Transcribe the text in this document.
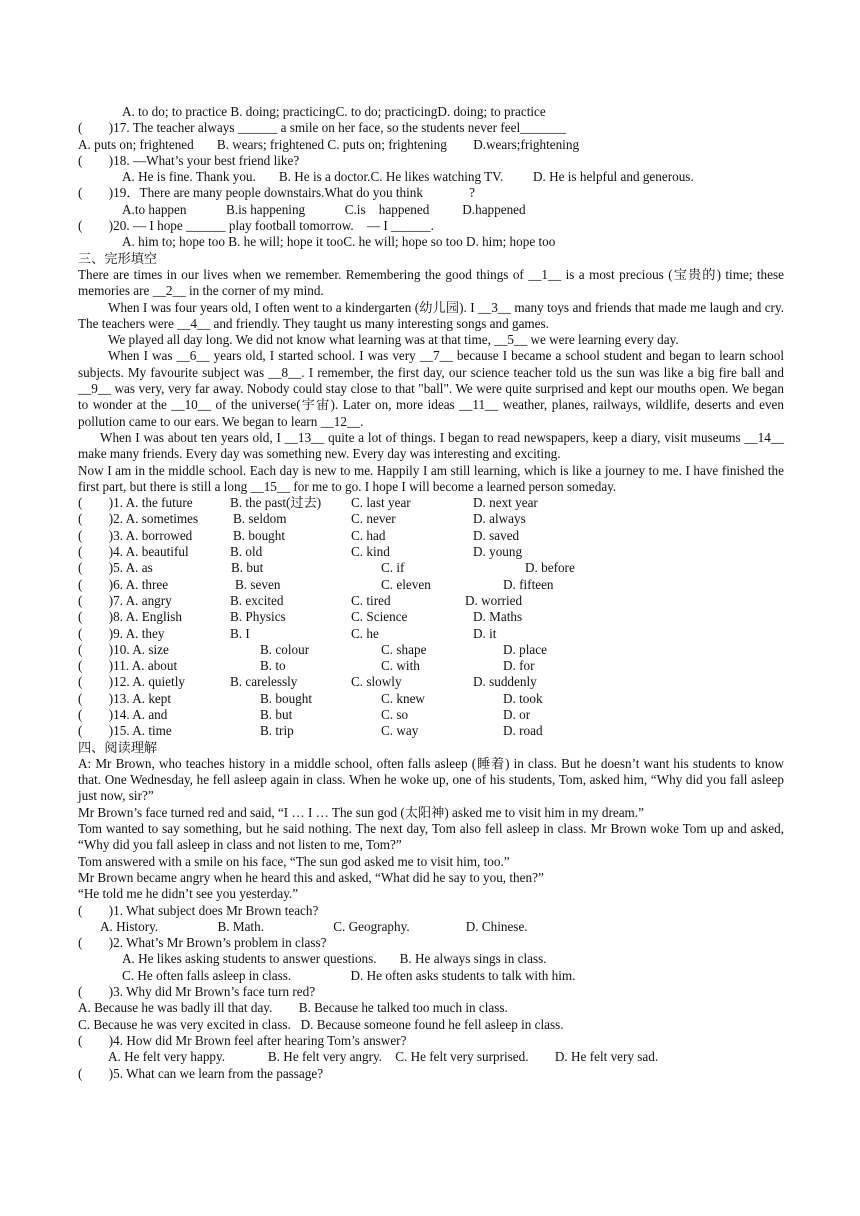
A. to do; to practice B. doing; practicingC. to do; practicingD. doing; to practice
(        )17. The teacher always ______ a smile on her face, so the students never feel_______
A. puts on; frightened       B. wears; frightened C. puts on; frightening        D.wears;frightening
(        )18. —What’s your best friend like?
A. He is fine. Thank you.       B. He is a doctor.C. He likes watching TV.         D. He is helpful and generous.
(        )19．There are many people downstairs.What do you think              ?
A.to happen            B.is happening            C.is    happened          D.happened
(        )20. — I hope ______ play football tomorrow.    — I ______.
A. him to; hope too B. he will; hope it tooC. he will; hope so too D. him; hope too
三、完形填空
There are times in our lives when we remember. Remembering the good things of __1__ is a most precious (宝贵的) time; these memories are __2__ in the corner of my mind.
When I was four years old, I often went to a kindergarten (幼儿园). I __3__ many toys and friends that made me laugh and cry. The teachers were __4__ and friendly. They taught us many interesting songs and games.
We played all day long. We did not know what learning was at that time, __5__ we were learning every day.
When I was __6__ years old, I started school. I was very __7__ because I became a school student and began to learn school subjects. My favourite subject was __8__. I remember, the first day, our science teacher told us the sun was like a big fire ball and __9__ was very, very far away. Nobody could stay close to that "ball". We were quite surprised and kept our mouths open. We began to wonder at the __10__ of the universe(宇宙). Later on, more ideas __11__ weather, planes, railways, wildlife, deserts and even pollution came to our ears. We began to learn __12__.
When I was about ten years old, I __13__ quite a lot of things. I began to read newspapers, keep a diary, visit museums __14__ make many friends. Every day was something new. Every day was interesting and exciting.
Now I am in the middle school. Each day is new to me. Happily I am still learning, which is like a journey to me. I have finished the first part, but there is still a long __15__ for me to go. I hope I will become a learned person someday.
(        )1. A. the future	B. the past(过去) C. last year	D. next year
(        )2. A. sometimes	B. seldom	C. never	D. always
(        )3. A. borrowed	B. bought	C. had	D. saved
(        )4. A. beautiful	B. old	C. kind	D. young
(        )5. A. as	B. but	C. if	D. before
(        )6. A. three	B. seven	C. eleven	D. fifteen
(        )7. A. angry	B. excited	C. tired	D. worried
(        )8. A. English	B. Physics	C. Science	D. Maths
(        )9. A. they	B. I	C. he	D. it
(        )10. A. size	B. colour	C. shape	D. place
(        )11. A. about	B. to	C. with	D. for
(        )12. A. quietly	B. carelessly	C. slowly	D. suddenly
(        )13. A. kept	B. bought	C. knew	D. took
(        )14. A. and	B. but	C. so	D. or
(        )15. A. time	B. trip	C. way	D. road
四、阅读理解
A: Mr Brown, who teaches history in a middle school, often falls asleep (睡着) in class. But he doesn’t want his students to know that. One Wednesday, he fell asleep again in class. When he woke up, one of his students, Tom, asked him, “Why did you fall asleep just now, sir?”
Mr Brown’s face turned red and said, “I … I … The sun god (太阳神) asked me to visit him in my dream.”
Tom wanted to say something, but he said nothing. The next day, Tom also fell asleep in class. Mr Brown woke Tom up and asked, “Why did you fall asleep in class and not listen to me, Tom?”
Tom answered with a smile on his face, “The sun god asked me to visit him, too.”
Mr Brown became angry when he heard this and asked, “What did he say to you, then?”
“He told me he didn’t see you yesterday.”
(        )1. What subject does Mr Brown teach?
A. History.                  B. Math.                     C. Geography.                 D. Chinese.
(        )2. What’s Mr Brown’s problem in class?
A. He likes asking students to answer questions.       B. He always sings in class.
C. He often falls asleep in class.                  D. He often asks students to talk with him.
(        )3. Why did Mr Brown’s face turn red?
A. Because he was badly ill that day.        B. Because he talked too much in class.
C. Because he was very excited in class.   D. Because someone found he fell asleep in class.
(        )4. How did Mr Brown feel after hearing Tom’s answer?
A. He felt very happy.             B. He felt very angry.    C. He felt very surprised.        D. He felt very sad.
(        )5. What can we learn from the passage?
